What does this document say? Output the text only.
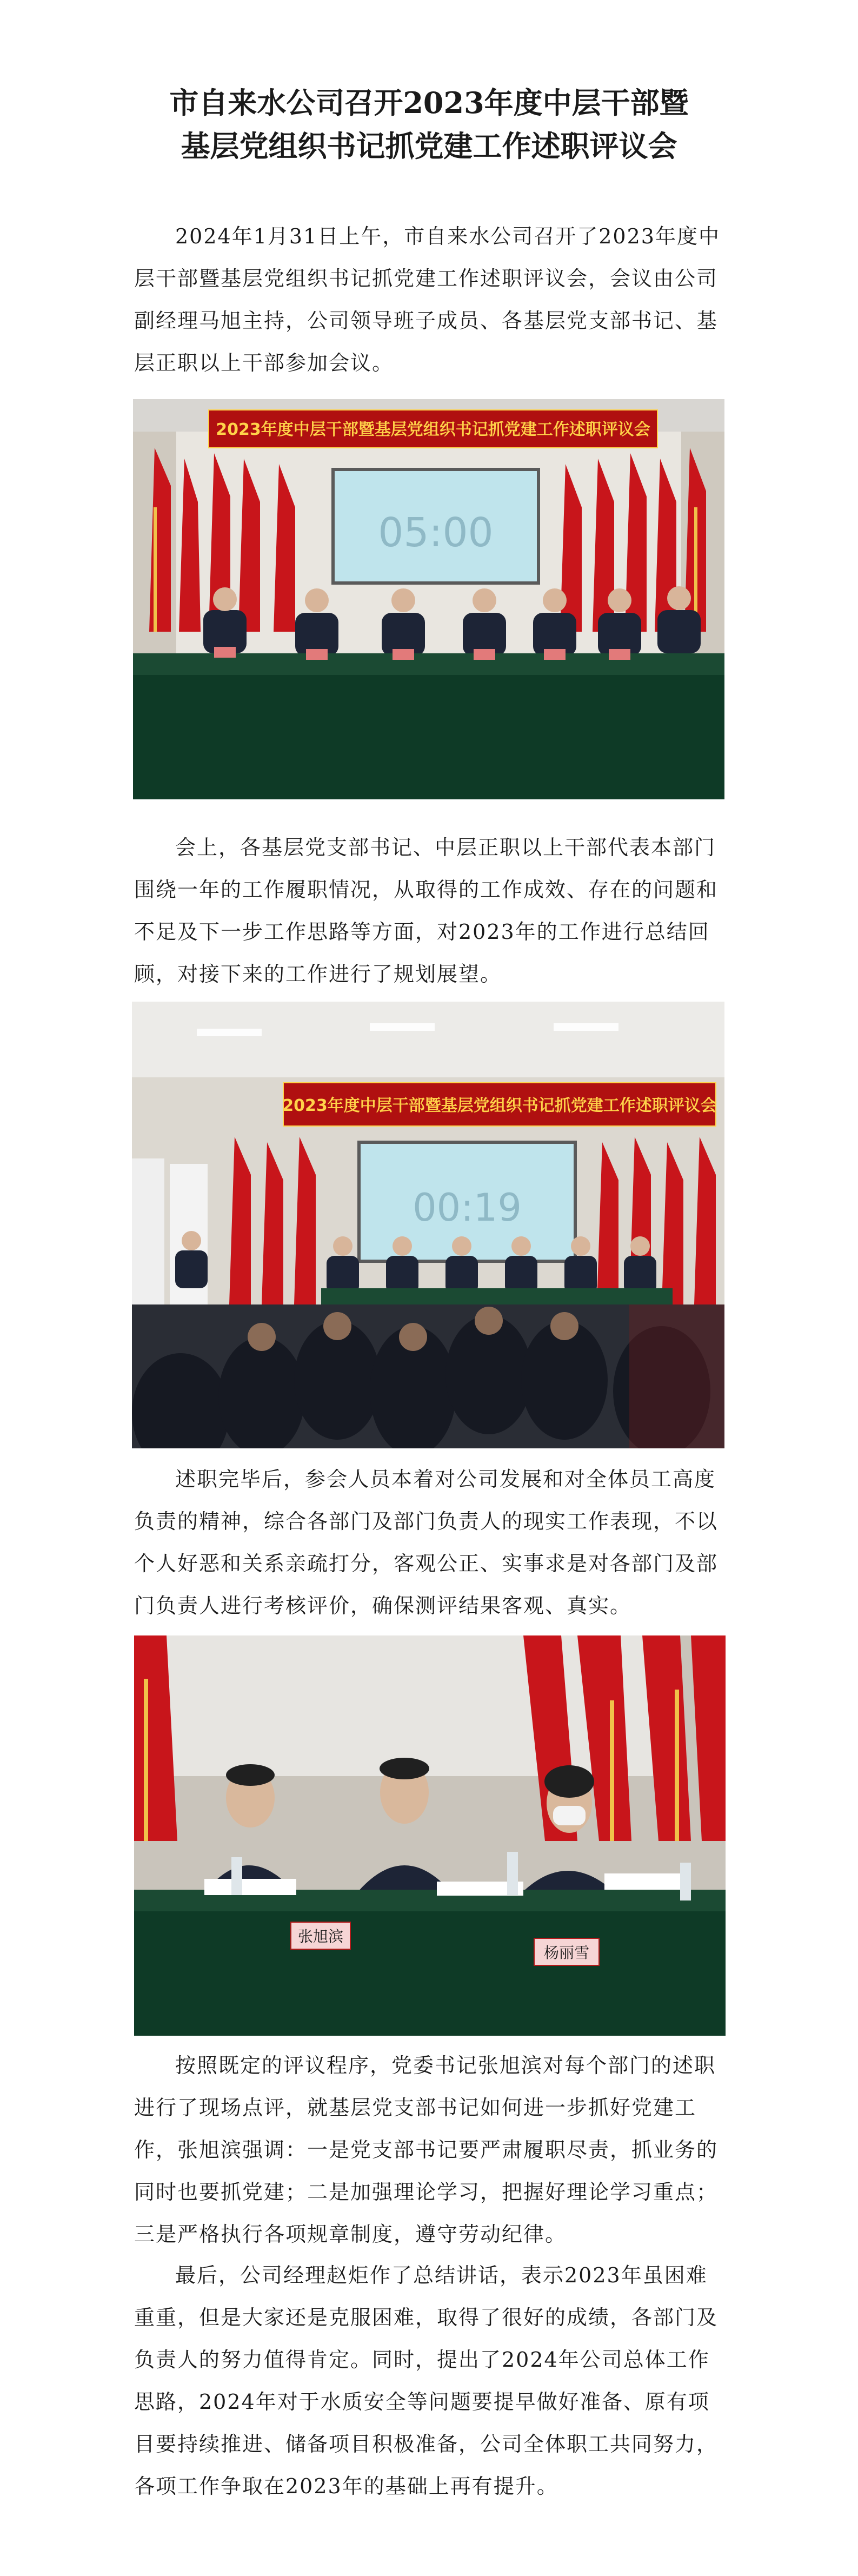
市自来水公司召开2023年度中层干部暨
基层党组织书记抓党建工作述职评议会
2024年1月31日上午，市自来水公司召开了2023年度中层干部暨基层党组织书记抓党建工作述职评议会，会议由公司副经理马旭主持，公司领导班子成员、各基层党支部书记、基层正职以上干部参加会议。
2023年度中层干部暨基层党组织书记抓党建工作述职评议会
05:00
会上，各基层党支部书记、中层正职以上干部代表本部门围绕一年的工作履职情况，从取得的工作成效、存在的问题和不足及下一步工作思路等方面，对2023年的工作进行总结回顾，对接下来的工作进行了规划展望。
2023年度中层干部暨基层党组织书记抓党建工作述职评议会
00:19
述职完毕后，参会人员本着对公司发展和对全体员工高度负责的精神，综合各部门及部门负责人的现实工作表现，不以个人好恶和关系亲疏打分，客观公正、实事求是对各部门及部门负责人进行考核评价，确保测评结果客观、真实。
张旭滨
杨丽雪
按照既定的评议程序，党委书记张旭滨对每个部门的述职进行了现场点评，就基层党支部书记如何进一步抓好党建工作，张旭滨强调：一是党支部书记要严肃履职尽责，抓业务的同时也要抓党建；二是加强理论学习，把握好理论学习重点；三是严格执行各项规章制度，遵守劳动纪律。
最后，公司经理赵炬作了总结讲话，表示2023年虽困难重重，但是大家还是克服困难，取得了很好的成绩，各部门及负责人的努力值得肯定。同时，提出了2024年公司总体工作思路，2024年对于水质安全等问题要提早做好准备、原有项目要持续推进、储备项目积极准备，公司全体职工共同努力，各项工作争取在2023年的基础上再有提升。
